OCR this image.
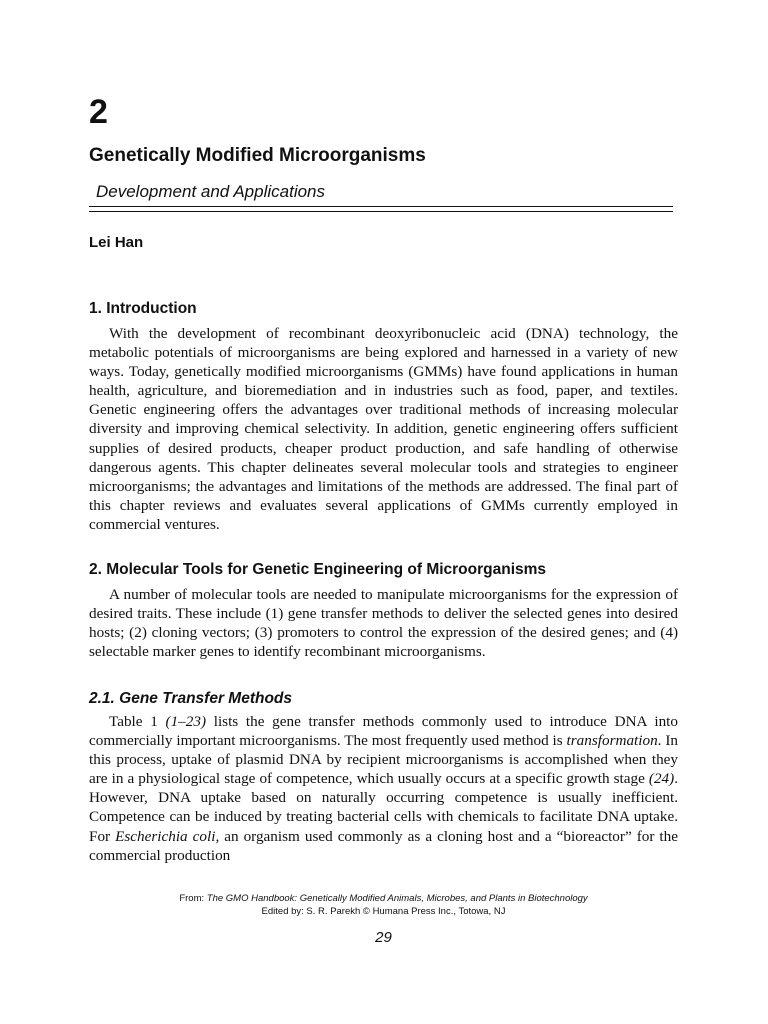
2
Genetically Modified Microorganisms
Development and Applications
Lei Han
1. Introduction
With the development of recombinant deoxyribonucleic acid (DNA) technology, the metabolic potentials of microorganisms are being explored and harnessed in a variety of new ways. Today, genetically modified microorganisms (GMMs) have found applications in human health, agriculture, and bioremediation and in industries such as food, paper, and textiles. Genetic engineering offers the advantages over traditional methods of increasing molecular diversity and improving chemical selectivity. In addition, genetic engineering offers sufficient supplies of desired products, cheaper product production, and safe handling of otherwise dangerous agents. This chapter delineates several molecular tools and strategies to engineer microorganisms; the advantages and limitations of the methods are addressed. The final part of this chapter reviews and evaluates several applications of GMMs currently employed in commercial ventures.
2. Molecular Tools for Genetic Engineering of Microorganisms
A number of molecular tools are needed to manipulate microorganisms for the expression of desired traits. These include (1) gene transfer methods to deliver the selected genes into desired hosts; (2) cloning vectors; (3) promoters to control the expression of the desired genes; and (4) selectable marker genes to identify recombinant microorganisms.
2.1. Gene Transfer Methods
Table 1 (1–23) lists the gene transfer methods commonly used to introduce DNA into commercially important microorganisms. The most frequently used method is transformation. In this process, uptake of plasmid DNA by recipient microorganisms is accomplished when they are in a physiological stage of competence, which usually occurs at a specific growth stage (24). However, DNA uptake based on naturally occurring competence is usually inefficient. Competence can be induced by treating bacterial cells with chemicals to facilitate DNA uptake. For Escherichia coli, an organism used commonly as a cloning host and a “bioreactor” for the commercial production
From: The GMO Handbook: Genetically Modified Animals, Microbes, and Plants in Biotechnology
Edited by: S. R. Parekh © Humana Press Inc., Totowa, NJ
29
